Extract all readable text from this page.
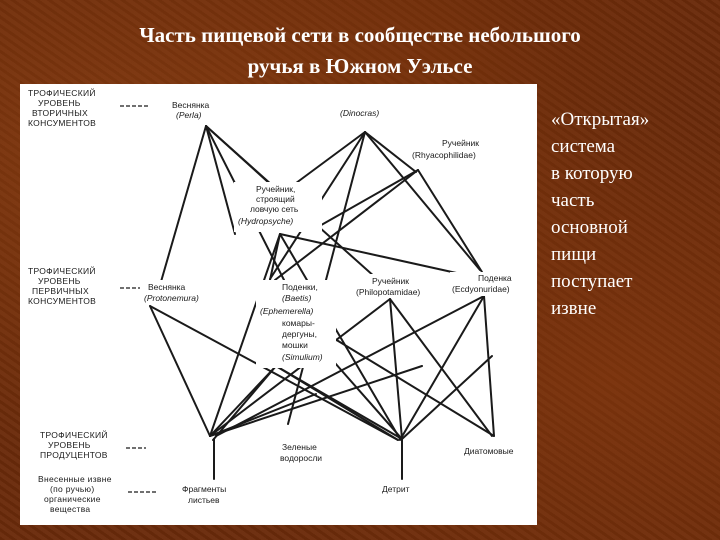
Часть пищевой сети в сообществе небольшого
ручья в Южном Уэльсе
ТРОФИЧЕСКИЙ УРОВЕНЬ ВТОРИЧНЫХ КОНСУМЕНТОВ
ТРОФИЧЕСКИЙ УРОВЕНЬ ПЕРВИЧНЫХ КОНСУМЕНТОВ
ТРОФИЧЕСКИЙ УРОВЕНЬ ПРОДУЦЕНТОВ
Внесенные извне (по ручью) органические вещества
Веснянка (Perla)	(Dinocras)
Ручейник (Rhyacophilidae)
Ручейник, строящий ловчую сеть (Hydropsyche)
Веснянка (Protonemura)
Поденки, (Baetis) (Ephemerella) комары- дергуны, мошки (Simulium)
Ручейник (Philopotamidae)
Поденка (Ecdyonuridae)
Зеленые водоросли
Диатомовые
Фрагменты листьев
Детрит
«Открытая»
система
в которую
часть
основной
пищи
поступает
извне
